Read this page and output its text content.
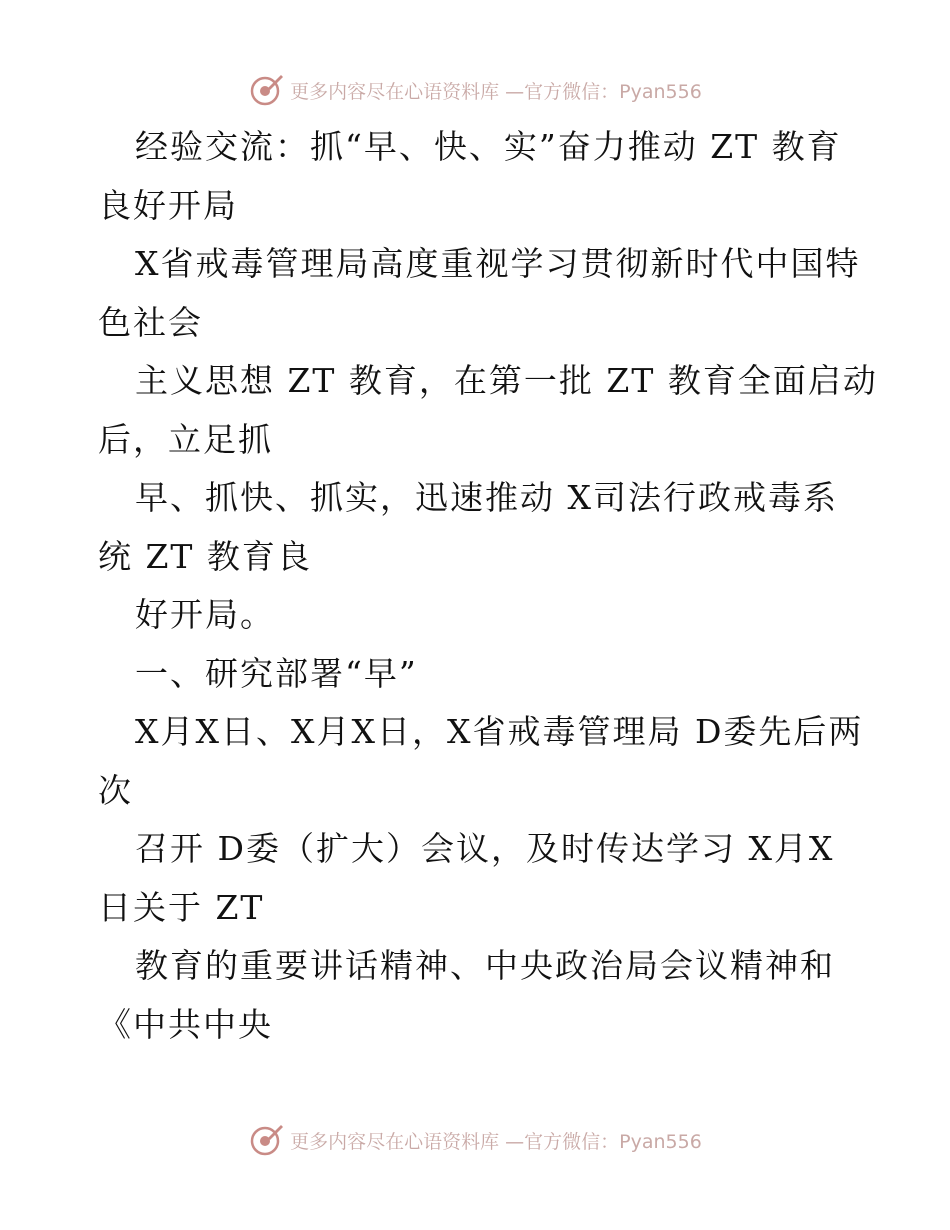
更多内容尽在心语资料库 —官方微信：Pyan556
经验交流：抓“早、快、实”奋力推动 ZT 教育
良好开局
X省戒毒管理局高度重视学习贯彻新时代中国特
色社会
主义思想 ZT 教育，在第一批 ZT 教育全面启动
后，立足抓
早、抓快、抓实，迅速推动 X司法行政戒毒系
统 ZT 教育良
好开局。
一、研究部署“早”
X月X日、X月X日，X省戒毒管理局 D委先后两
次
召开 D委（扩大）会议，及时传达学习 X月X
日关于 ZT
教育的重要讲话精神、中央政治局会议精神和
《中共中央
更多内容尽在心语资料库 —官方微信：Pyan556
